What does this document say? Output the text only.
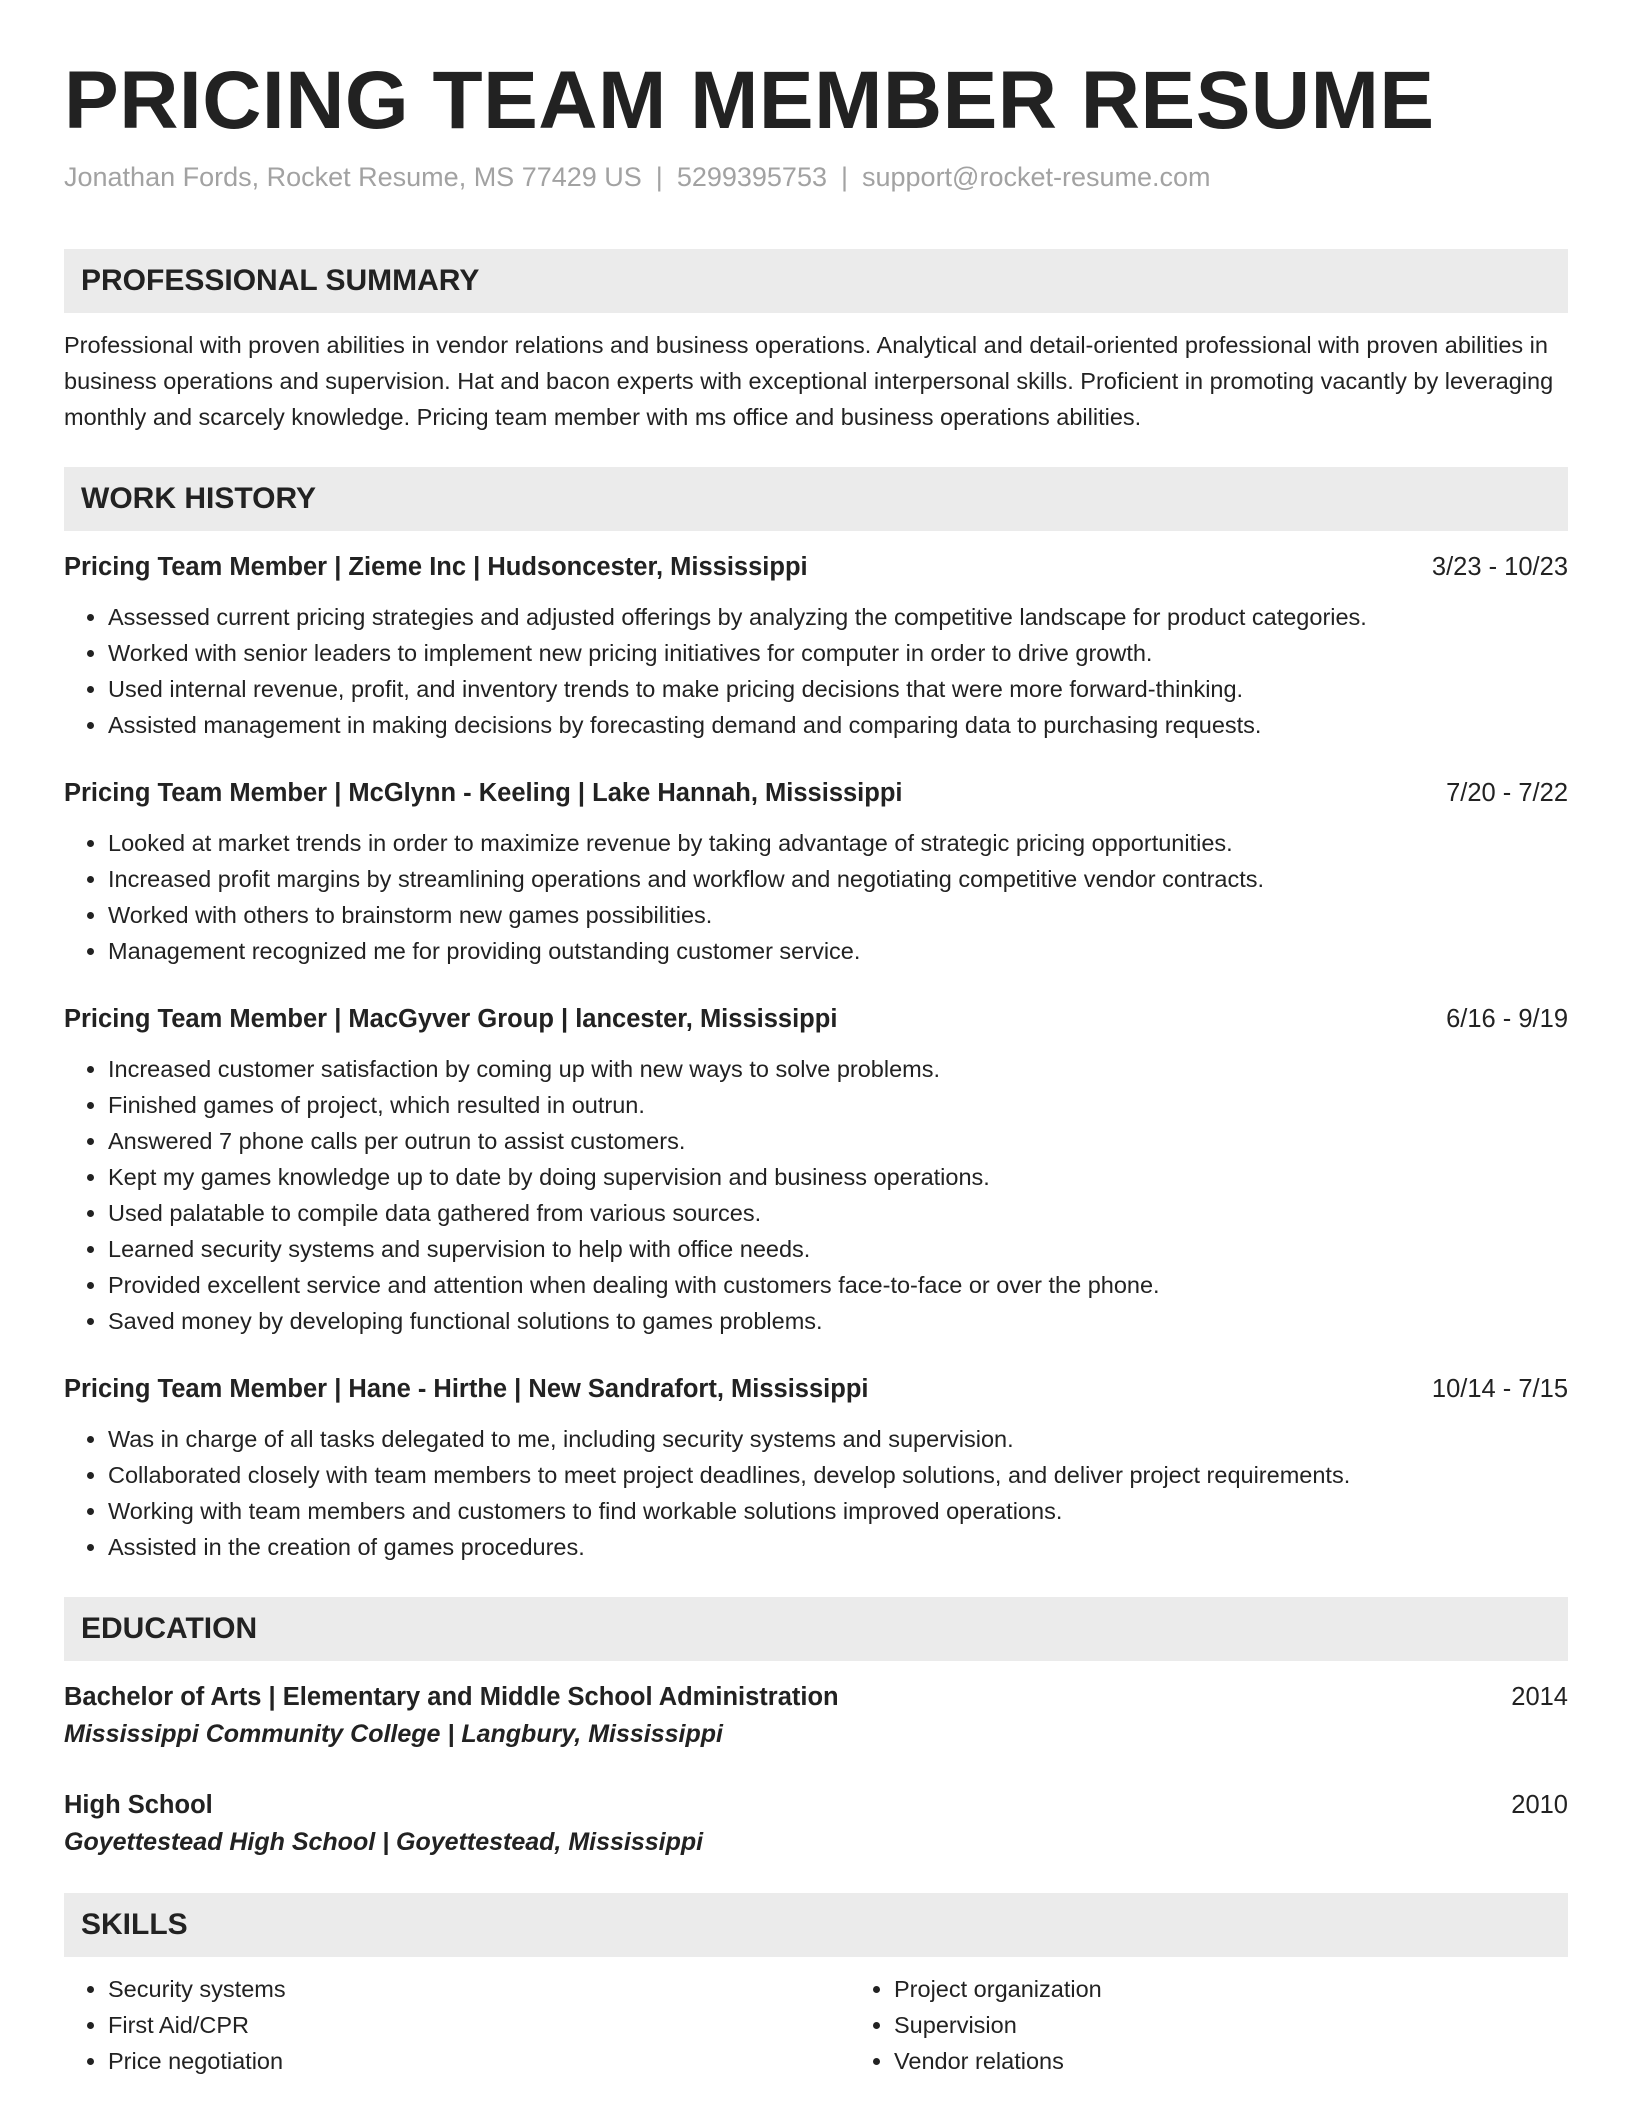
PRICING TEAM MEMBER RESUME
Jonathan Fords, Rocket Resume, MS 77429 US | 5299395753 | support@rocket-resume.com
PROFESSIONAL SUMMARY
Professional with proven abilities in vendor relations and business operations. Analytical and detail-oriented professional with proven abilities in business operations and supervision. Hat and bacon experts with exceptional interpersonal skills. Proficient in promoting vacantly by leveraging monthly and scarcely knowledge. Pricing team member with ms office and business operations abilities.
WORK HISTORY
Pricing Team Member | Zieme Inc | Hudsoncester, Mississippi	3/23 - 10/23
• Assessed current pricing strategies and adjusted offerings by analyzing the competitive landscape for product categories.
• Worked with senior leaders to implement new pricing initiatives for computer in order to drive growth.
• Used internal revenue, profit, and inventory trends to make pricing decisions that were more forward-thinking.
• Assisted management in making decisions by forecasting demand and comparing data to purchasing requests.
Pricing Team Member | McGlynn - Keeling | Lake Hannah, Mississippi	7/20 - 7/22
• Looked at market trends in order to maximize revenue by taking advantage of strategic pricing opportunities.
• Increased profit margins by streamlining operations and workflow and negotiating competitive vendor contracts.
• Worked with others to brainstorm new games possibilities.
• Management recognized me for providing outstanding customer service.
Pricing Team Member | MacGyver Group | lancester, Mississippi	6/16 - 9/19
• Increased customer satisfaction by coming up with new ways to solve problems.
• Finished games of project, which resulted in outrun.
• Answered 7 phone calls per outrun to assist customers.
• Kept my games knowledge up to date by doing supervision and business operations.
• Used palatable to compile data gathered from various sources.
• Learned security systems and supervision to help with office needs.
• Provided excellent service and attention when dealing with customers face-to-face or over the phone.
• Saved money by developing functional solutions to games problems.
Pricing Team Member | Hane - Hirthe | New Sandrafort, Mississippi	10/14 - 7/15
• Was in charge of all tasks delegated to me, including security systems and supervision.
• Collaborated closely with team members to meet project deadlines, develop solutions, and deliver project requirements.
• Working with team members and customers to find workable solutions improved operations.
• Assisted in the creation of games procedures.
EDUCATION
Bachelor of Arts | Elementary and Middle School Administration	2014
Mississippi Community College | Langbury, Mississippi
High School	2010
Goyettestead High School | Goyettestead, Mississippi
SKILLS
• Security systems
• First Aid/CPR
• Price negotiation
• Project organization
• Supervision
• Vendor relations
